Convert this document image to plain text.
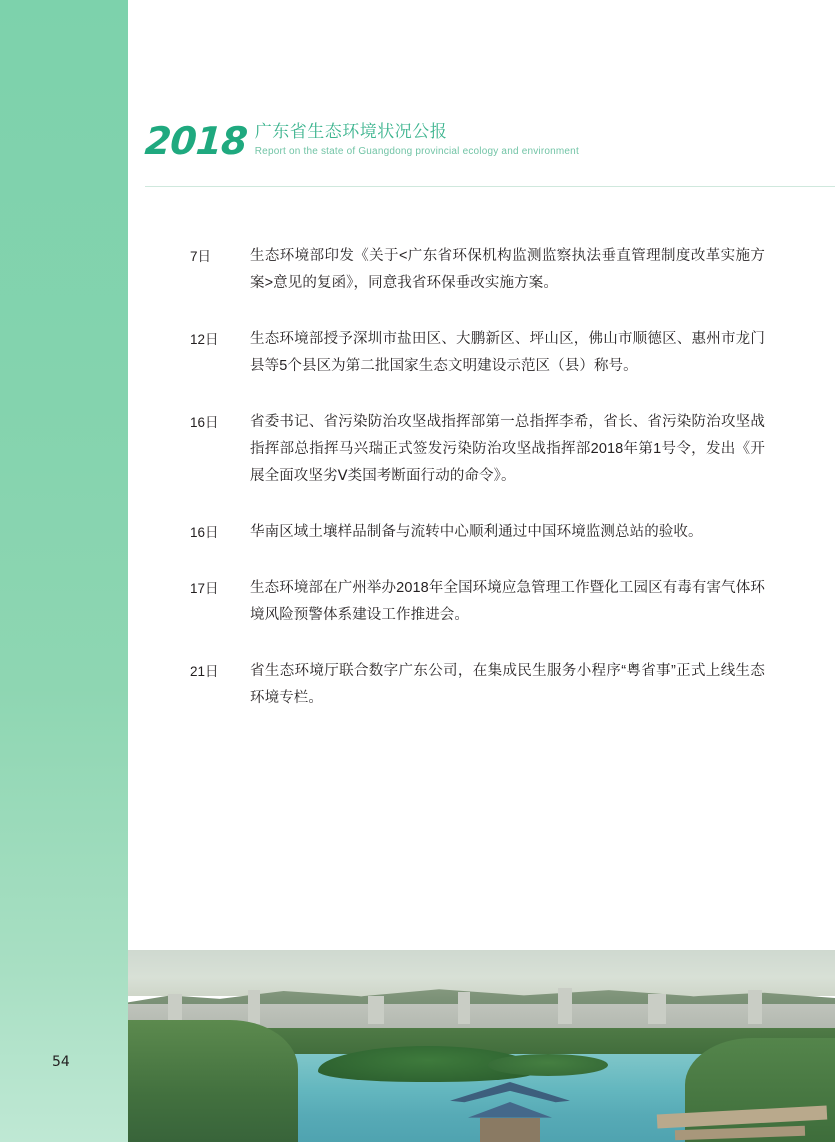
2018 广东省生态环境状况公报
Report on the state of Guangdong provincial ecology and environment
7日	生态环境部印发《关于<广东省环保机构监测监察执法垂直管理制度改革实施方案>意见的复函》，同意我省环保垂改实施方案。
12日	生态环境部授予深圳市盐田区、大鹏新区、坪山区，佛山市顺德区、惠州市龙门县等5个县区为第二批国家生态文明建设示范区（县）称号。
16日	省委书记、省污染防治攻坚战指挥部第一总指挥李希，省长、省污染防治攻坚战指挥部总指挥马兴瑞正式签发污染防治攻坚战指挥部2018年第1号令，发出《开展全面攻坚劣Ⅴ类国考断面行动的命令》。
16日	华南区域土壤样品制备与流转中心顺利通过中国环境监测总站的验收。
17日	生态环境部在广州举办2018年全国环境应急管理工作暨化工园区有毒有害气体环境风险预警体系建设工作推进会。
21日	省生态环境厅联合数字广东公司，在集成民生服务小程序“粤省事”正式上线生态环境专栏。
54
